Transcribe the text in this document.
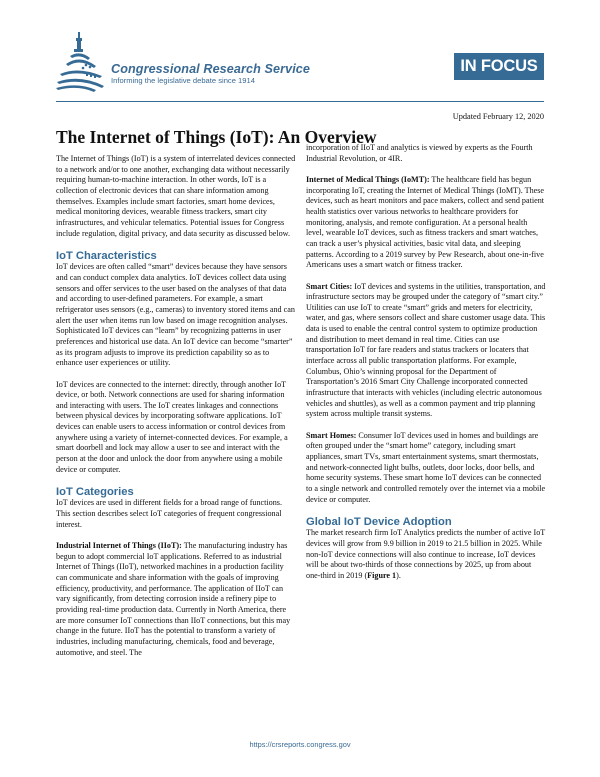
Congressional Research Service
Informing the legislative debate since 1914
IN FOCUS
Updated February 12, 2020
The Internet of Things (IoT): An Overview

The Internet of Things (IoT) is a system of interrelated devices connected to a network and/or to one another, exchanging data without necessarily requiring human-to-machine interaction. In other words, IoT is a collection of electronic devices that can share information among themselves. Examples include smart factories, smart home devices, medical monitoring devices, wearable fitness trackers, smart city infrastructures, and vehicular telematics. Potential issues for Congress include regulation, digital privacy, and data security as discussed below.

IoT Characteristics

IoT devices are often called “smart” devices because they have sensors and can conduct complex data analytics. IoT devices collect data using sensors and offer services to the user based on the analyses of that data and according to user-defined parameters. For example, a smart refrigerator uses sensors (e.g., cameras) to inventory stored items and can alert the user when items run low based on image recognition analyses. Sophisticated IoT devices can “learn” by recognizing patterns in user preferences and historical use data. An IoT device can become “smarter” as its program adjusts to improve its prediction capability so as to enhance user experiences or utility.

IoT devices are connected to the internet: directly, through another IoT device, or both. Network connections are used for sharing information and interacting with users. The IoT creates linkages and connections between physical devices by incorporating software applications. IoT devices can enable users to access information or control devices from anywhere using a variety of internet-connected devices. For example, a smart doorbell and lock may allow a user to see and interact with the person at the door and unlock the door from anywhere using a mobile device or computer.

IoT Categories

IoT devices are used in different fields for a broad range of functions. This section describes select IoT categories of frequent congressional interest.

Industrial Internet of Things (IIoT): The manufacturing industry has begun to adopt commercial IoT applications. Referred to as industrial Internet of Things (IIoT), networked machines in a production facility can communicate and share information with the goals of improving efficiency, productivity, and performance. The application of IIoT can vary significantly, from detecting corrosion inside a refinery pipe to providing real-time production data. Currently in North America, there are more consumer IoT connections than IIoT connections, but this may change in the future. IIoT has the potential to transform a variety of industries, including manufacturing, chemicals, food and beverage, automotive, and steel. The

incorporation of IIoT and analytics is viewed by experts as the Fourth Industrial Revolution, or 4IR.

Internet of Medical Things (IoMT): The healthcare field has begun incorporating IoT, creating the Internet of Medical Things (IoMT). These devices, such as heart monitors and pace makers, collect and send patient health statistics over various networks to healthcare providers for monitoring, analysis, and remote configuration. At a personal health level, wearable IoT devices, such as fitness trackers and smart watches, can track a user’s physical activities, basic vital data, and sleeping patterns. According to a 2019 survey by Pew Research, about one-in-five Americans uses a smart watch or fitness tracker.

Smart Cities: IoT devices and systems in the utilities, transportation, and infrastructure sectors may be grouped under the category of “smart city.” Utilities can use IoT to create “smart” grids and meters for electricity, water, and gas, where sensors collect and share customer usage data. This data is used to enable the central control system to optimize production and distribution to meet demand in real time. Cities can use transportation IoT for fare readers and status trackers or locaters that interface across all public transportation platforms. For example, Columbus, Ohio’s winning proposal for the Department of Transportation’s 2016 Smart City Challenge incorporated connected infrastructure that interacts with vehicles (including electric autonomous vehicles and shuttles), as well as a common payment and trip planning system across multiple transit systems.

Smart Homes: Consumer IoT devices used in homes and buildings are often grouped under the “smart home” category, including smart appliances, smart TVs, smart entertainment systems, smart thermostats, and network-connected light bulbs, outlets, door locks, door bells, and home security systems. These smart home IoT devices can be connected to a single network and controlled remotely over the internet via a mobile device or computer.

Global IoT Device Adoption

The market research firm IoT Analytics predicts the number of active IoT devices will grow from 9.9 billion in 2019 to 21.5 billion in 2025. While non-IoT device connections will also continue to increase, IoT devices will be about two-thirds of those connections by 2025, up from about one-third in 2019 (Figure 1).

https://crsreports.congress.gov
